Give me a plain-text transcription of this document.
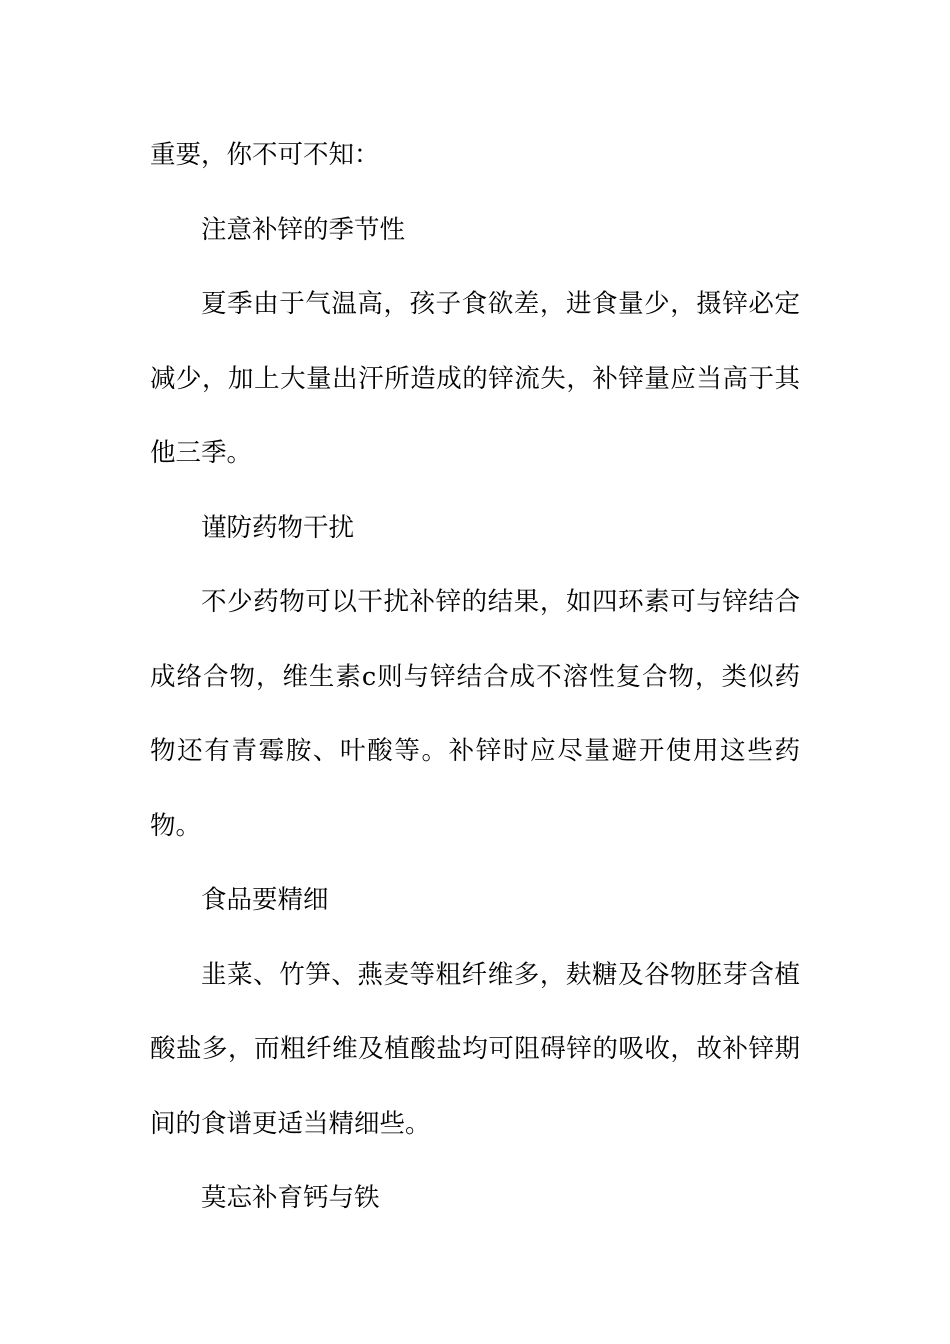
重要，你不可不知：

注意补锌的季节性

夏季由于气温高，孩子食欲差，进食量少，摄锌必定减少，加上大量出汗所造成的锌流失，补锌量应当高于其他三季。

谨防药物干扰

不少药物可以干扰补锌的结果，如四环素可与锌结合成络合物，维生素c则与锌结合成不溶性复合物，类似药物还有青霉胺、叶酸等。补锌时应尽量避开使用这些药物。

食品要精细

韭菜、竹笋、燕麦等粗纤维多，麸糖及谷物胚芽含植酸盐多，而粗纤维及植酸盐均可阻碍锌的吸收，故补锌期间的食谱更适当精细些。

莫忘补育钙与铁
